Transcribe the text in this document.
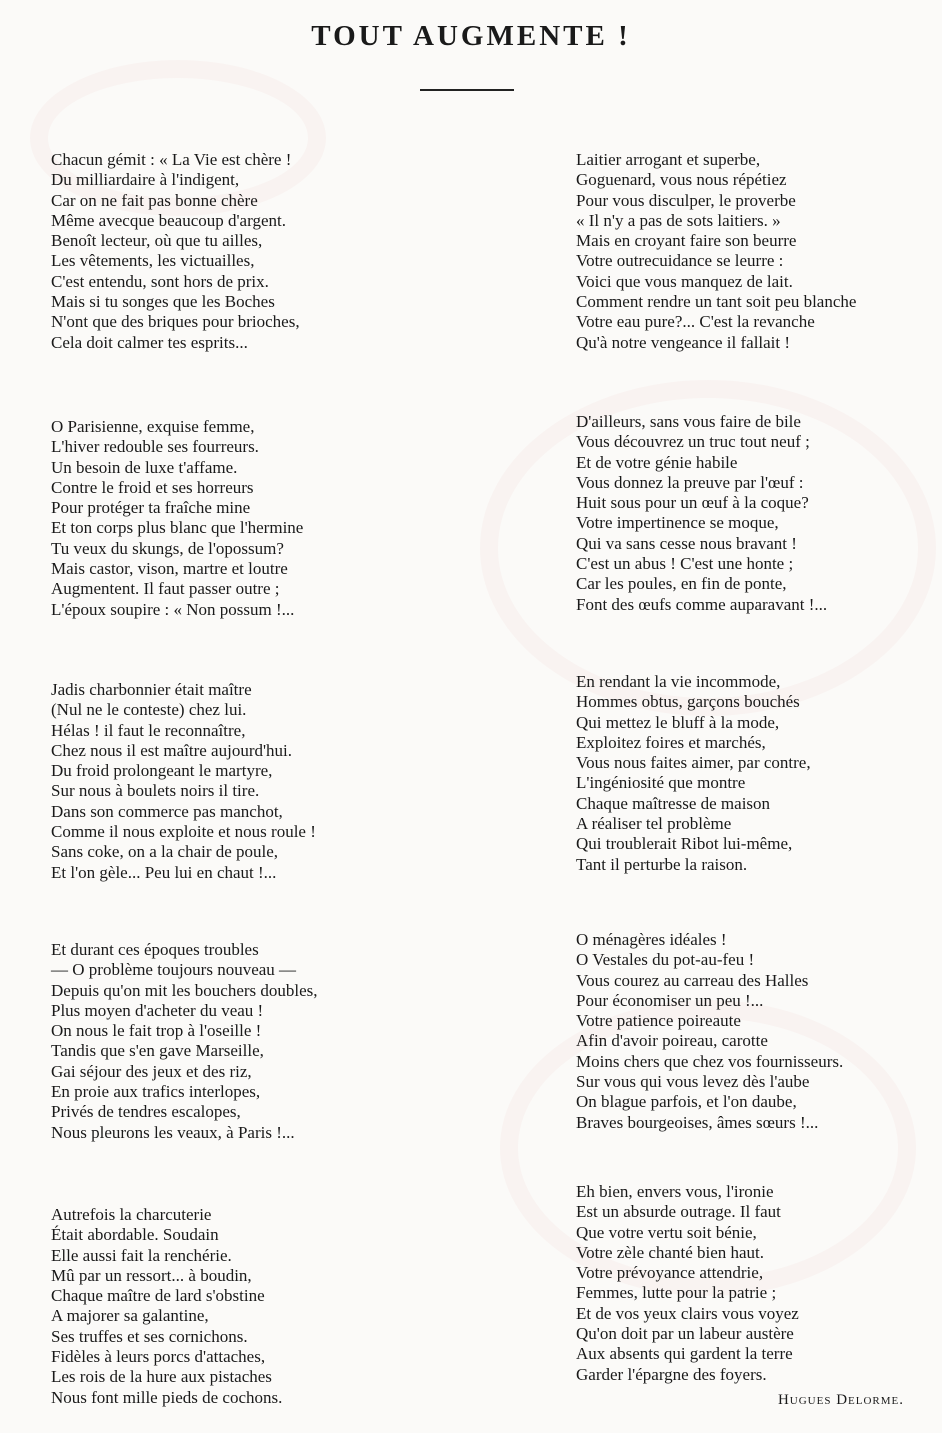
TOUT AUGMENTE !
Chacun gémit : « La Vie est chère !
Du milliardaire à l'indigent,
Car on ne fait pas bonne chère
Même avecque beaucoup d'argent.
Benoît lecteur, où que tu ailles,
Les vêtements, les victuailles,
C'est entendu, sont hors de prix.
Mais si tu songes que les Boches
N'ont que des briques pour brioches,
Cela doit calmer tes esprits...
O Parisienne, exquise femme,
L'hiver redouble ses fourreurs.
Un besoin de luxe t'affame.
Contre le froid et ses horreurs
Pour protéger ta fraîche mine
Et ton corps plus blanc que l'hermine
Tu veux du skungs, de l'opossum?
Mais castor, vison, martre et loutre
Augmentent. Il faut passer outre ;
L'époux soupire : « Non possum !...
Jadis charbonnier était maître
(Nul ne le conteste) chez lui.
Hélas ! il faut le reconnaître,
Chez nous il est maître aujourd'hui.
Du froid prolongeant le martyre,
Sur nous à boulets noirs il tire.
Dans son commerce pas manchot,
Comme il nous exploite et nous roule !
Sans coke, on a la chair de poule,
Et l'on gèle... Peu lui en chaut !...
Et durant ces époques troubles
— O problème toujours nouveau —
Depuis qu'on mit les bouchers doubles,
Plus moyen d'acheter du veau !
On nous le fait trop à l'oseille !
Tandis que s'en gave Marseille,
Gai séjour des jeux et des riz,
En proie aux trafics interlopes,
Privés de tendres escalopes,
Nous pleurons les veaux, à Paris !...
Autrefois la charcuterie
Était abordable. Soudain
Elle aussi fait la renchérie.
Mû par un ressort... à boudin,
Chaque maître de lard s'obstine
A majorer sa galantine,
Ses truffes et ses cornichons.
Fidèles à leurs porcs d'attaches,
Les rois de la hure aux pistaches
Nous font mille pieds de cochons.
Laitier arrogant et superbe,
Goguenard, vous nous répétiez
Pour vous disculper, le proverbe
« Il n'y a pas de sots laitiers. »
Mais en croyant faire son beurre
Votre outrecuidance se leurre :
Voici que vous manquez de lait.
Comment rendre un tant soit peu blanche
Votre eau pure?... C'est la revanche
Qu'à notre vengeance il fallait !
D'ailleurs, sans vous faire de bile
Vous découvrez un truc tout neuf ;
Et de votre génie habile
Vous donnez la preuve par l'œuf :
Huit sous pour un œuf à la coque?
Votre impertinence se moque,
Qui va sans cesse nous bravant !
C'est un abus ! C'est une honte ;
Car les poules, en fin de ponte,
Font des œufs comme auparavant !...
En rendant la vie incommode,
Hommes obtus, garçons bouchés
Qui mettez le bluff à la mode,
Exploitez foires et marchés,
Vous nous faites aimer, par contre,
L'ingéniosité que montre
Chaque maîtresse de maison
A réaliser tel problème
Qui troublerait Ribot lui-même,
Tant il perturbe la raison.
O ménagères idéales !
O Vestales du pot-au-feu !
Vous courez au carreau des Halles
Pour économiser un peu !...
Votre patience poireaute
Afin d'avoir poireau, carotte
Moins chers que chez vos fournisseurs.
Sur vous qui vous levez dès l'aube
On blague parfois, et l'on daube,
Braves bourgeoises, âmes sœurs !...
Eh bien, envers vous, l'ironie
Est un absurde outrage. Il faut
Que votre vertu soit bénie,
Votre zèle chanté bien haut.
Votre prévoyance attendrie,
Femmes, lutte pour la patrie ;
Et de vos yeux clairs vous voyez
Qu'on doit par un labeur austère
Aux absents qui gardent la terre
Garder l'épargne des foyers.
Hugues Delorme.
